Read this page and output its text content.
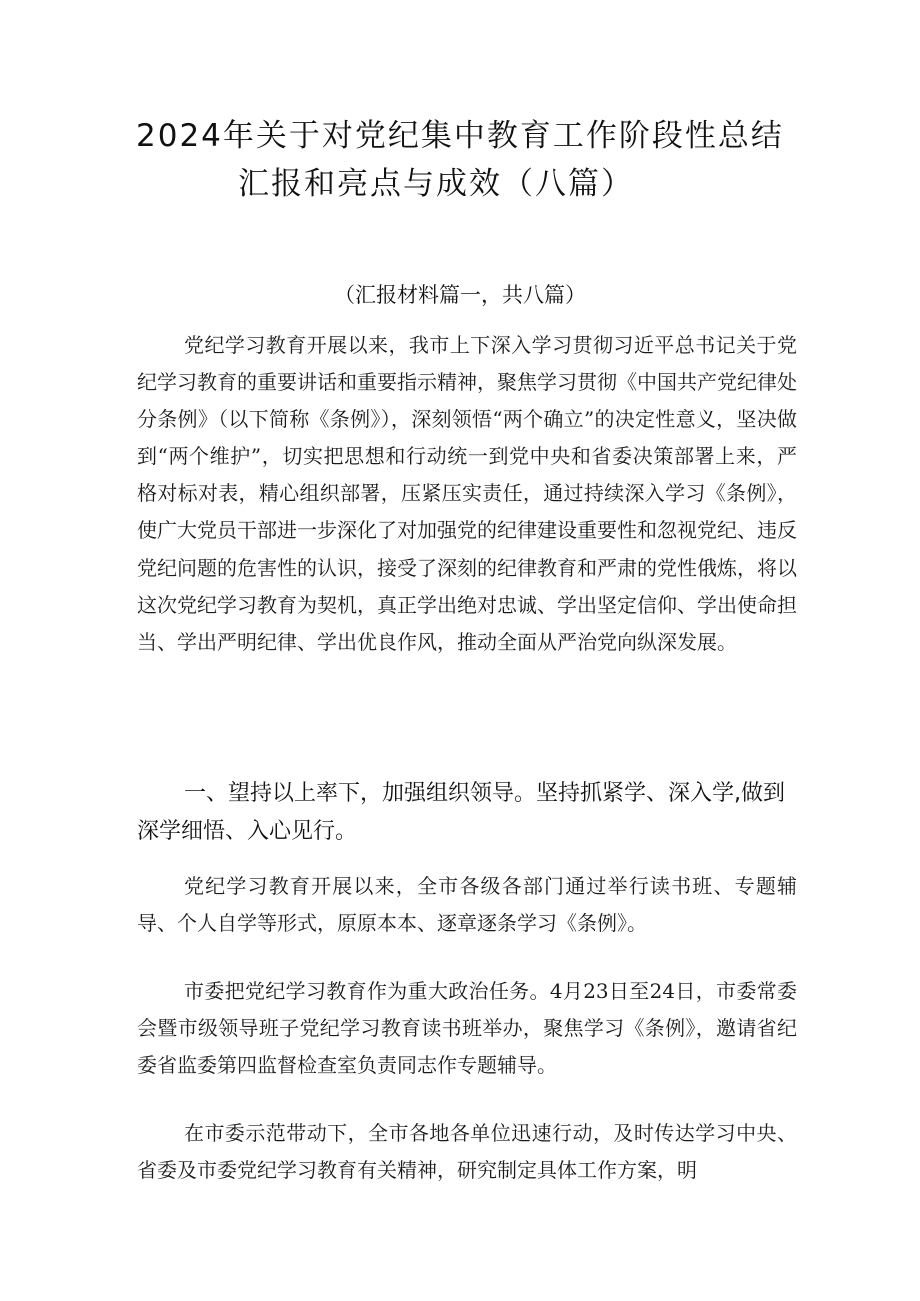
2024年关于对党纪集中教育工作阶段性总结
汇报和亮点与成效（八篇）
（汇报材料篇一，共八篇）

党纪学习教育开展以来，我市上下深入学习贯彻习近平总书记关于党纪学习教育的重要讲话和重要指示精神，聚焦学习贯彻《中国共产党纪律处分条例》（以下简称《条例》），深刻领悟“两个确立”的决定性意义，坚决做到“两个维护”，切实把思想和行动统一到党中央和省委决策部署上来，严格对标对表，精心组织部署，压紧压实责任，通过持续深入学习《条例》，使广大党员干部进一步深化了对加强党的纪律建设重要性和忽视党纪、违反党纪问题的危害性的认识，接受了深刻的纪律教育和严肃的党性俄炼，将以这次党纪学习教育为契机，真正学出绝对忠诚、学出坚定信仰、学出使命担当、学出严明纪律、学出优良作风，推动全面从严治党向纵深发展。

一、望持以上率下，加强组织领导。坚持抓紧学、深入学,做到深学细悟、入心见行。

党纪学习教育开展以来，全市各级各部门通过举行读书班、专题辅导、个人自学等形式，原原本本、逐章逐条学习《条例》。

市委把党纪学习教育作为重大政治任务。4月23日至24日，市委常委会暨市级领导班子党纪学习教育读书班举办，聚焦学习《条例》，邀请省纪委省监委第四监督检查室负责同志作专题辅导。

在市委示范带动下，全市各地各单位迅速行动，及时传达学习中央、省委及市委党纪学习教育有关精神，研究制定具体工作方案，明
